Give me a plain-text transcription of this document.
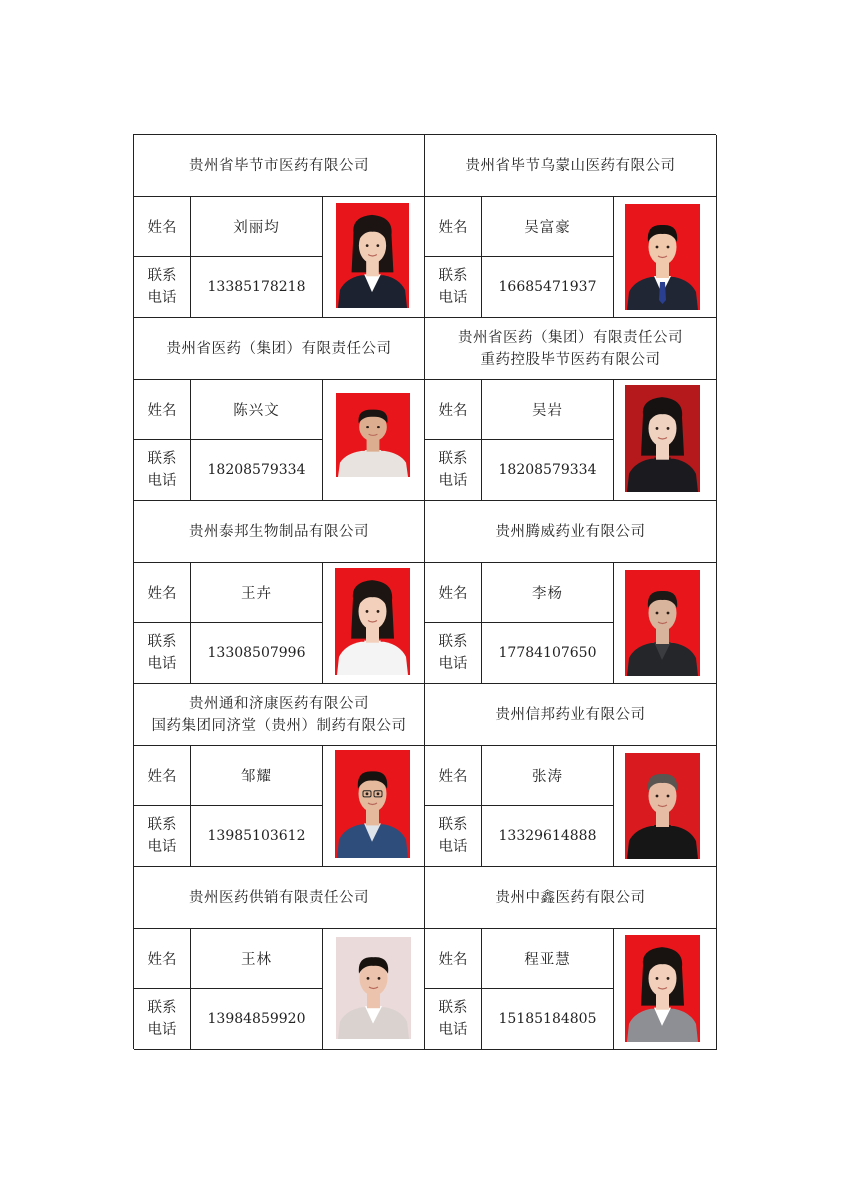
贵州省毕节市医药有限公司
姓名
联系
电话
刘丽均
13385178218
贵州省毕节乌蒙山医药有限公司
姓名
联系
电话
吴富豪
16685471937
贵州省医药（集团）有限责任公司
姓名
联系
电话
陈兴文
18208579334
贵州省医药（集团）有限责任公司
重药控股毕节医药有限公司
姓名
联系
电话
吴岩
18208579334
贵州泰邦生物制品有限公司
姓名
联系
电话
王卉
13308507996
贵州腾威药业有限公司
姓名
联系
电话
李杨
17784107650
贵州通和济康医药有限公司
国药集团同济堂（贵州）制药有限公司
姓名
联系
电话
邹耀
13985103612
贵州信邦药业有限公司
姓名
联系
电话
张涛
13329614888
贵州医药供销有限责任公司
姓名
联系
电话
王林
13984859920
贵州中鑫医药有限公司
姓名
联系
电话
程亚慧
15185184805
